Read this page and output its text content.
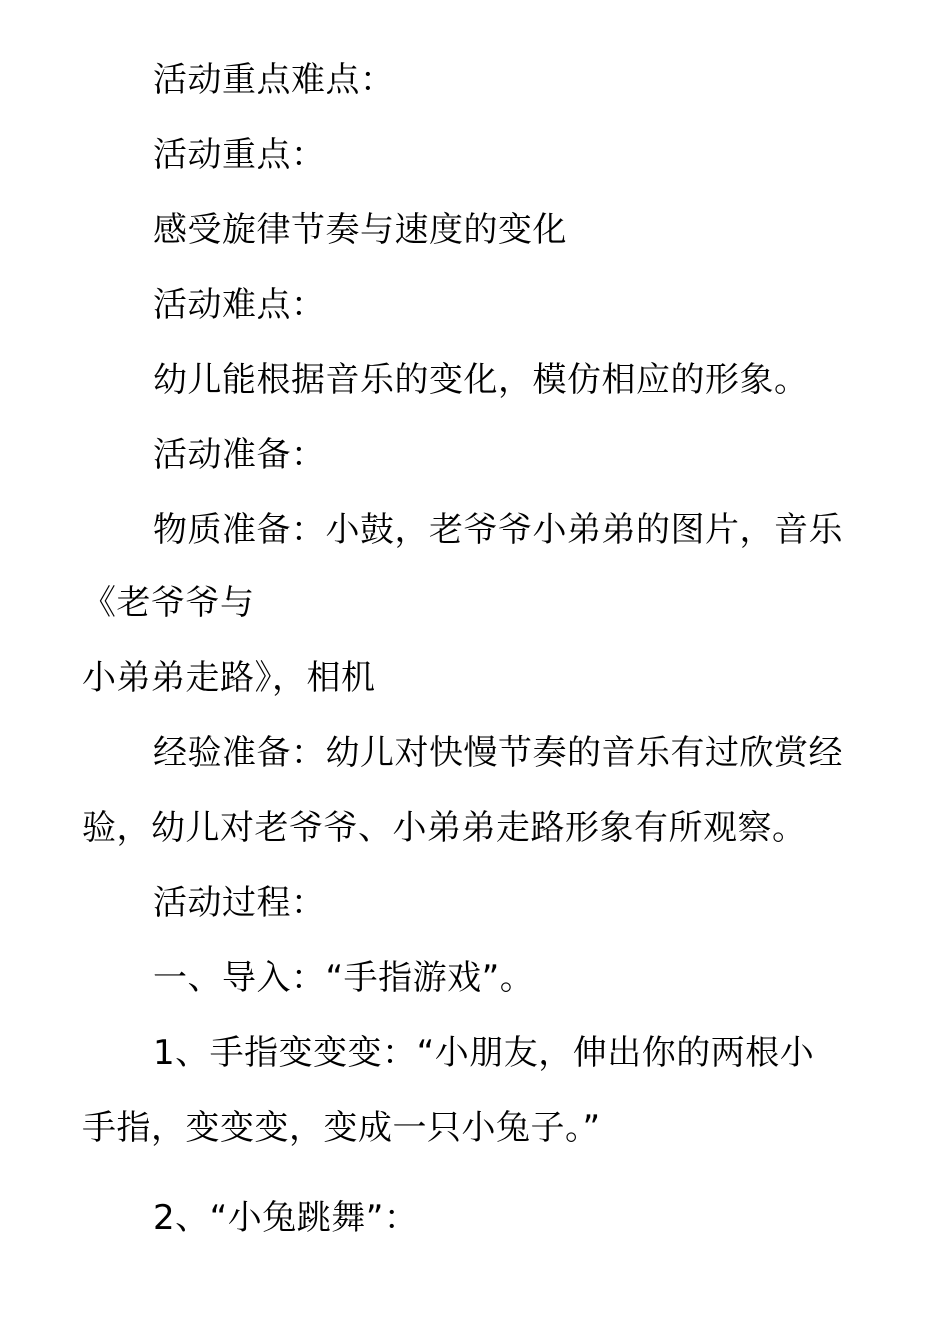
活动重点难点：
活动重点：
感受旋律节奏与速度的变化
活动难点：
幼儿能根据音乐的变化，模仿相应的形象。
活动准备：
物质准备：小鼓，老爷爷小弟弟的图片，音乐
《老爷爷与
小弟弟走路》，相机
经验准备：幼儿对快慢节奏的音乐有过欣赏经
验，幼儿对老爷爷、小弟弟走路形象有所观察。
活动过程：
一、导入：“手指游戏”。
1、手指变变变：“小朋友，伸出你的两根小
手指，变变变，变成一只小兔子。”
2、“小兔跳舞”：
